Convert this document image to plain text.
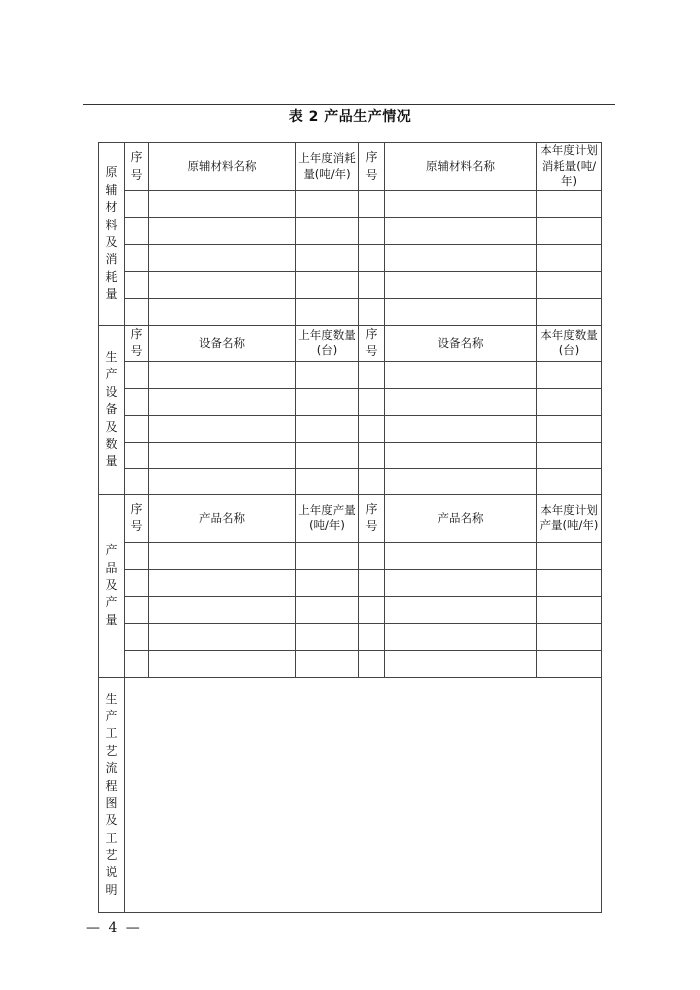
表 2 产品生产情况
原辅材料及消耗量	序号	原辅材料名称	上年度消耗量(吨/年)	序号	原辅材料名称	本年度计划消耗量(吨/年)

生产设备及数量	序号	设备名称	上年度数量(台)	序号	设备名称	本年度数量(台)

产品及产量	序号	产品名称	上年度产量(吨/年)	序号	产品名称	本年度计划产量(吨/年)

生产工艺流程图及工艺说明						
— 4 —
